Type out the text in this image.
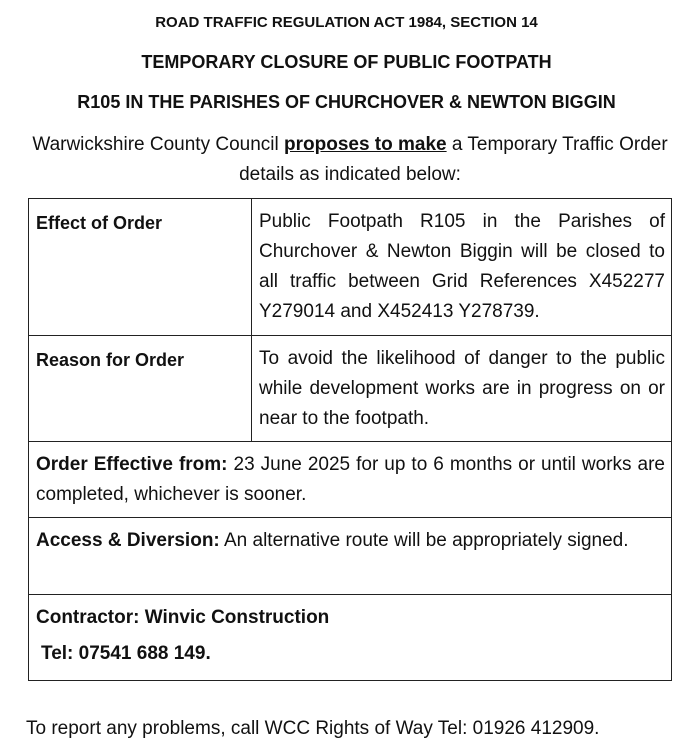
ROAD TRAFFIC REGULATION ACT 1984, SECTION 14
TEMPORARY CLOSURE OF PUBLIC FOOTPATH
R105 IN THE PARISHES OF CHURCHOVER & NEWTON BIGGIN
Warwickshire County Council proposes to make a Temporary Traffic Order details as indicated below:
Effect of Order	Public Footpath R105 in the Parishes of Churchover & Newton Biggin will be closed to all traffic between Grid References X452277 Y279014 and X452413 Y278739.
Reason for Order	To avoid the likelihood of danger to the public while development works are in progress on or near to the footpath.
Order Effective from: 23 June 2025 for up to 6 months or until works are completed, whichever is sooner.
Access & Diversion: An alternative route will be appropriately signed.
Contractor: Winvic Construction
Tel: 07541 688 149.
To report any problems, call WCC Rights of Way Tel: 01926 412909.
